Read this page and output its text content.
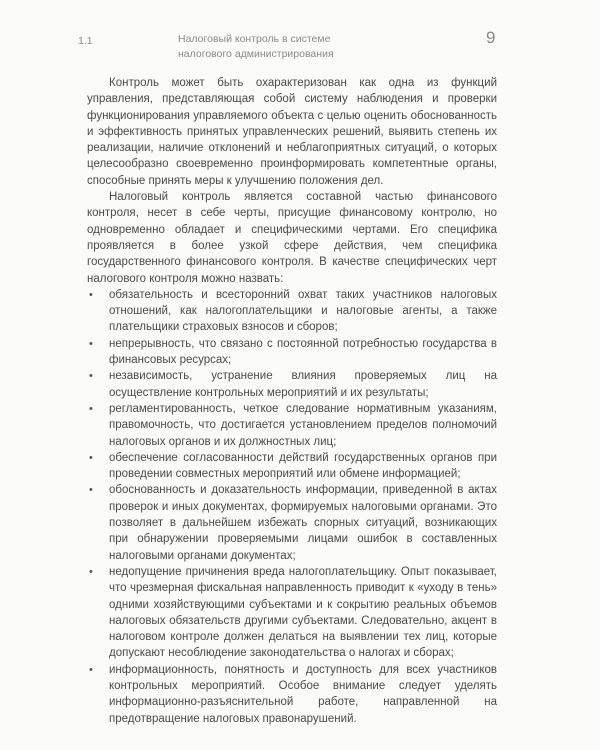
1.1	Налоговый контроль в системе
налогового администрирования
9

Контроль может быть охарактеризован как одна из функций управления, представляющая собой систему наблюдения и проверки функционирования управляемого объекта с целью оценить обоснованность и эффективность принятых управленческих решений, выявить степень их реализации, наличие отклонений и неблагоприятных ситуаций, о которых целесообразно своевременно проинформировать компетентные органы, способные принять меры к улучшению положения дел.

Налоговый контроль является составной частью финансового контроля, несет в себе черты, присущие финансовому контролю, но одновременно обладает и специфическими чертами. Его специфика проявляется в более узкой сфере действия, чем специфика государственного финансового контроля. В качестве специфических черт налогового контроля можно назвать:

• обязательность и всесторонний охват таких участников налоговых отношений, как налогоплательщики и налоговые агенты, а также плательщики страховых взносов и сборов;
• непрерывность, что связано с постоянной потребностью государства в финансовых ресурсах;
• независимость, устранение влияния проверяемых лиц на осуществление контрольных мероприятий и их результаты;
• регламентированность, четкое следование нормативным указаниям, правомочность, что достигается установлением пределов полномочий налоговых органов и их должностных лиц;
• обеспечение согласованности действий государственных органов при проведении совместных мероприятий или обмене информацией;
• обоснованность и доказательность информации, приведенной в актах проверок и иных документах, формируемых налоговыми органами. Это позволяет в дальнейшем избежать спорных ситуаций, возникающих при обнаружении проверяемыми лицами ошибок в составленных налоговыми органами документах;
• недопущение причинения вреда налогоплательщику. Опыт показывает, что чрезмерная фискальная направленность приводит к «уходу в тень» одними хозяйствующими субъектами и к сокрытию реальных объемов налоговых обязательств другими субъектами. Следовательно, акцент в налоговом контроле должен делаться на выявлении тех лиц, которые допускают несоблюдение законодательства о налогах и сборах;
• информационность, понятность и доступность для всех участников контрольных мероприятий. Особое внимание следует уделять информационно-разъяснительной работе, направленной на предотвращение налоговых правонарушений.
